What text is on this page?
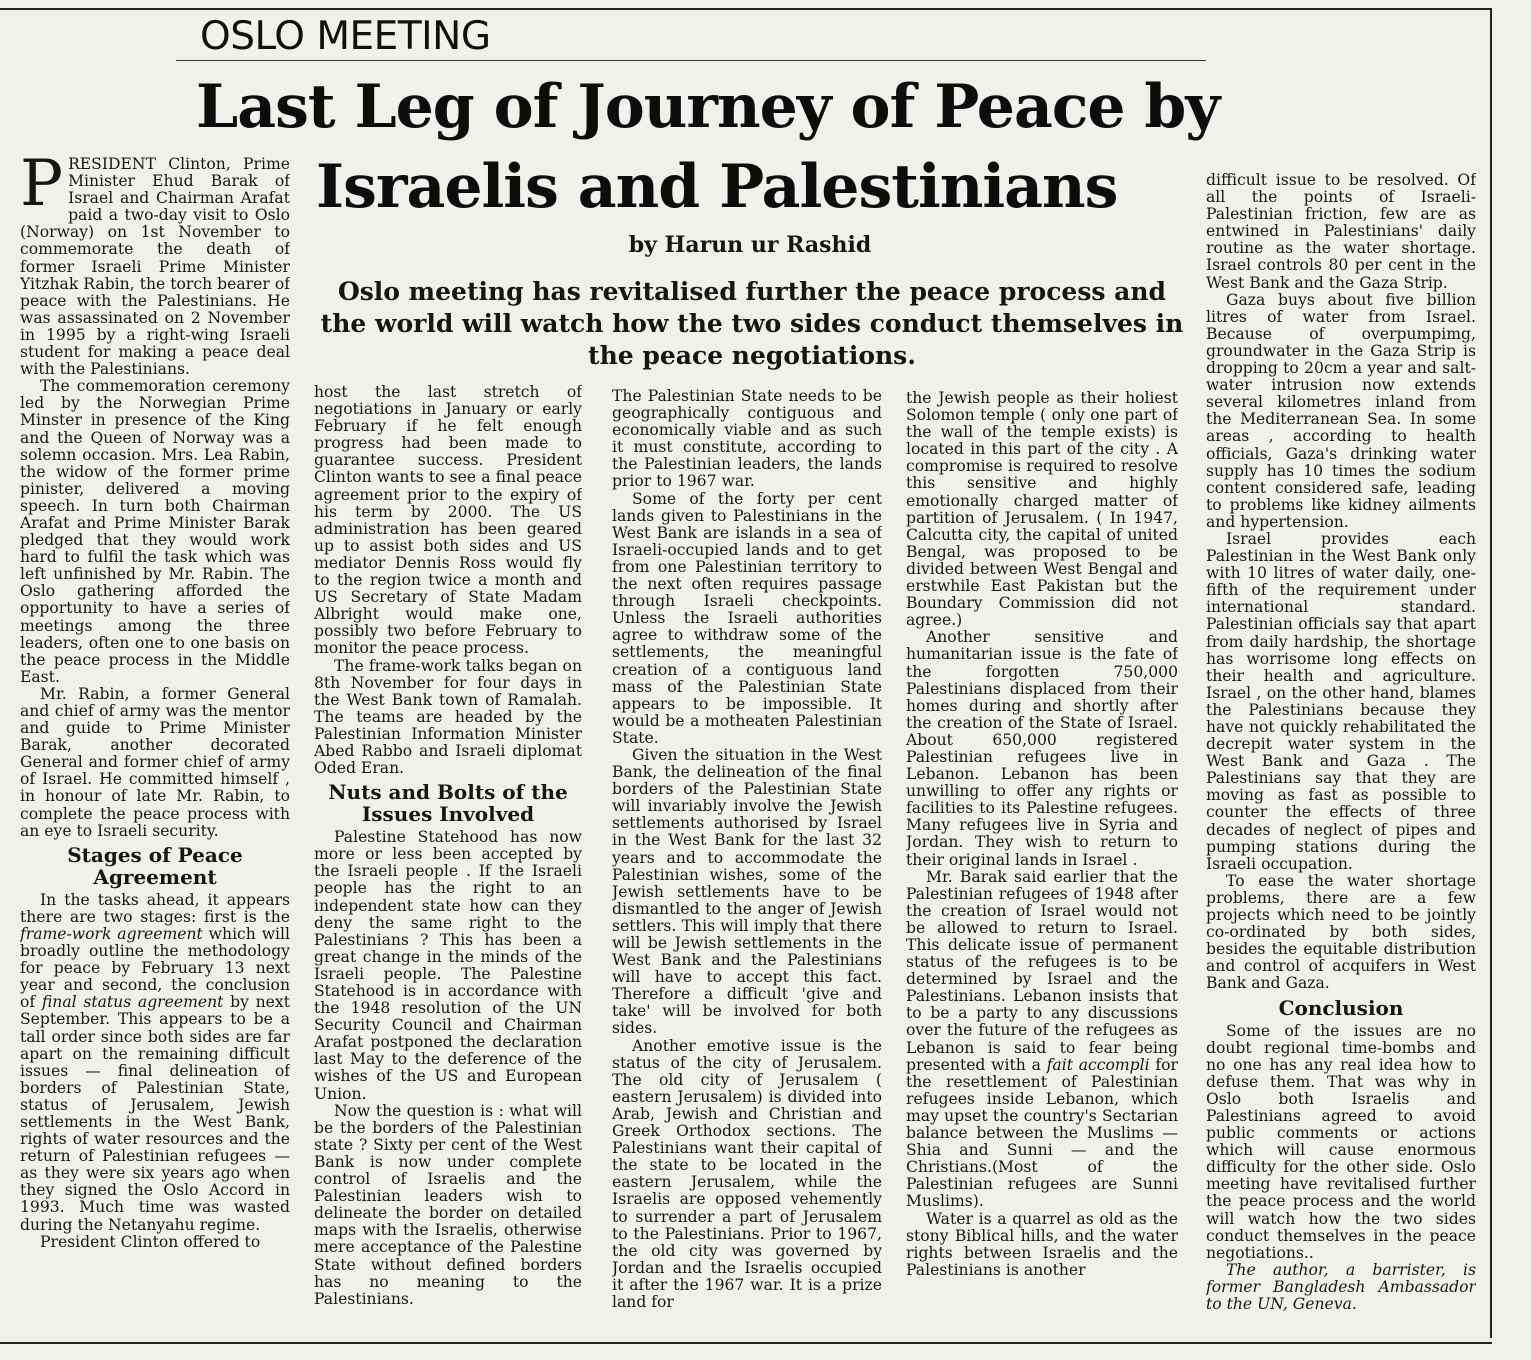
OSLO MEETING
Last Leg of Journey of Peace by
Israelis and Palestinians
by Harun ur Rashid

Oslo meeting has revitalised further the peace process and the world will watch how the two sides conduct themselves in the peace negotiations.

PRESIDENT Clinton, Prime Minister Ehud Barak of Israel and Chairman Arafat paid a two-day visit to Oslo (Norway) on 1st November to commemorate the death of former Israeli Prime Minister Yitzhak Rabin, the torch bearer of peace with the Palestinians. He was assassinated on 2 November in 1995 by a right-wing Israeli student for making a peace deal with the Palestinians.

The commemoration ceremony led by the Norwegian Prime Minster in presence of the King and the Queen of Norway was a solemn occasion. Mrs. Lea Rabin, the widow of the former prime pinister, delivered a moving speech. In turn both Chairman Arafat and Prime Minister Barak pledged that they would work hard to fulfil the task which was left unfinished by Mr. Rabin. The Oslo gathering afforded the opportunity to have a series of meetings among the three leaders, often one to one basis on the peace process in the Middle East.

Mr. Rabin, a former General and chief of army was the mentor and guide to Prime Minister Barak, another decorated General and former chief of army of Israel. He committed himself , in honour of late Mr. Rabin, to complete the peace process with an eye to Israeli security.

Stages of Peace Agreement

In the tasks ahead, it appears there are two stages: first is the frame-work agreement which will broadly outline the methodology for peace by February 13 next year and second, the conclusion of final status agreement by next September. This appears to be a tall order since both sides are far apart on the remaining difficult issues — final delineation of borders of Palestinian State, status of Jerusalem, Jewish settlements in the West Bank, rights of water resources and the return of Palestinian refugees — as they were six years ago when they signed the Oslo Accord in 1993. Much time was wasted during the Netanyahu regime.

President Clinton offered to

host the last stretch of negotiations in January or early February if he felt enough progress had been made to guarantee success. President Clinton wants to see a final peace agreement prior to the expiry of his term by 2000. The US administration has been geared up to assist both sides and US mediator Dennis Ross would fly to the region twice a month and US Secretary of State Madam Albright would make one, possibly two before February to monitor the peace process.

The frame-work talks began on 8th November for four days in the West Bank town of Ramalah. The teams are headed by the Palestinian Information Minister Abed Rabbo and Israeli diplomat Oded Eran.

Nuts and Bolts of the Issues Involved

Palestine Statehood has now more or less been accepted by the Israeli people . If the Israeli people has the right to an independent state how can they deny the same right to the Palestinians ? This has been a great change in the minds of the Israeli people. The Palestine Statehood is in accordance with the 1948 resolution of the UN Security Council and Chairman Arafat postponed the declaration last May to the deference of the wishes of the US and European Union.

Now the question is : what will be the borders of the Palestinian state ? Sixty per cent of the West Bank is now under complete control of Israelis and the Palestinian leaders wish to delineate the border on detailed maps with the Israelis, otherwise mere acceptance of the Palestine State without defined borders has no meaning to the Palestinians.

The Palestinian State needs to be geographically contiguous and economically viable and as such it must constitute, according to the Palestinian leaders, the lands prior to 1967 war.

Some of the forty per cent lands given to Palestinians in the West Bank are islands in a sea of Israeli-occupied lands and to get from one Palestinian territory to the next often requires passage through Israeli checkpoints. Unless the Israeli authorities agree to withdraw some of the settlements, the meaningful creation of a contiguous land mass of the Palestinian State appears to be impossible. It would be a motheaten Palestinian State.

Given the situation in the West Bank, the delineation of the final borders of the Palestinian State will invariably involve the Jewish settlements authorised by Israel in the West Bank for the last 32 years and to accommodate the Palestinian wishes, some of the Jewish settlements have to be dismantled to the anger of Jewish settlers. This will imply that there will be Jewish settlements in the West Bank and the Palestinians will have to accept this fact. Therefore a difficult 'give and take' will be involved for both sides.

Another emotive issue is the status of the city of Jerusalem. The old city of Jerusalem ( eastern Jerusalem) is divided into Arab, Jewish and Christian and Greek Orthodox sections. The Palestinians want their capital of the state to be located in the eastern Jerusalem, while the Israelis are opposed vehemently to surrender a part of Jerusalem to the Palestinians. Prior to 1967, the old city was governed by Jordan and the Israelis occupied it after the 1967 war. It is a prize land for

the Jewish people as their holiest Solomon temple ( only one part of the wall of the temple exists) is located in this part of the city . A compromise is required to resolve this sensitive and highly emotionally charged matter of partition of Jerusalem. ( In 1947, Calcutta city, the capital of united Bengal, was proposed to be divided between West Bengal and erstwhile East Pakistan but the Boundary Commission did not agree.)

Another sensitive and humanitarian issue is the fate of the forgotten 750,000 Palestinians displaced from their homes during and shortly after the creation of the State of Israel. About 650,000 registered Palestinian refugees live in Lebanon. Lebanon has been unwilling to offer any rights or facilities to its Palestine refugees. Many refugees live in Syria and Jordan. They wish to return to their original lands in Israel .

Mr. Barak said earlier that the Palestinian refugees of 1948 after the creation of Israel would not be allowed to return to Israel. This delicate issue of permanent status of the refugees is to be determined by Israel and the Palestinians. Lebanon insists that to be a party to any discussions over the future of the refugees as Lebanon is said to fear being presented with a fait accompli for the resettlement of Palestinian refugees inside Lebanon, which may upset the country's Sectarian balance between the Muslims — Shia and Sunni — and the Christians.(Most of the Palestinian refugees are Sunni Muslims).

Water is a quarrel as old as the stony Biblical hills, and the water rights between Israelis and the Palestinians is another

difficult issue to be resolved. Of all the points of Israeli-Palestinian friction, few are as entwined in Palestinians' daily routine as the water shortage. Israel controls 80 per cent in the West Bank and the Gaza Strip.

Gaza buys about five billion litres of water from Israel. Because of overpumpimg, groundwater in the Gaza Strip is dropping to 20cm a year and salt-water intrusion now extends several kilometres inland from the Mediterranean Sea. In some areas , according to health officials, Gaza's drinking water supply has 10 times the sodium content considered safe, leading to problems like kidney ailments and hypertension.

Israel provides each Palestinian in the West Bank only with 10 litres of water daily, one-fifth of the requirement under international standard. Palestinian officials say that apart from daily hardship, the shortage has worrisome long effects on their health and agriculture. Israel , on the other hand, blames the Palestinians because they have not quickly rehabilitated the decrepit water system in the West Bank and Gaza . The Palestinians say that they are moving as fast as possible to counter the effects of three decades of neglect of pipes and pumping stations during the Israeli occupation.

To ease the water shortage problems, there are a few projects which need to be jointly co-ordinated by both sides, besides the equitable distribution and control of acquifers in West Bank and Gaza.

Conclusion

Some of the issues are no doubt regional time-bombs and no one has any real idea how to defuse them. That was why in Oslo both Israelis and Palestinians agreed to avoid public comments or actions which will cause enormous difficulty for the other side. Oslo meeting have revitalised further the peace process and the world will watch how the two sides conduct themselves in the peace negotiations..

The author, a barrister, is former Bangladesh Ambassador to the UN, Geneva.
